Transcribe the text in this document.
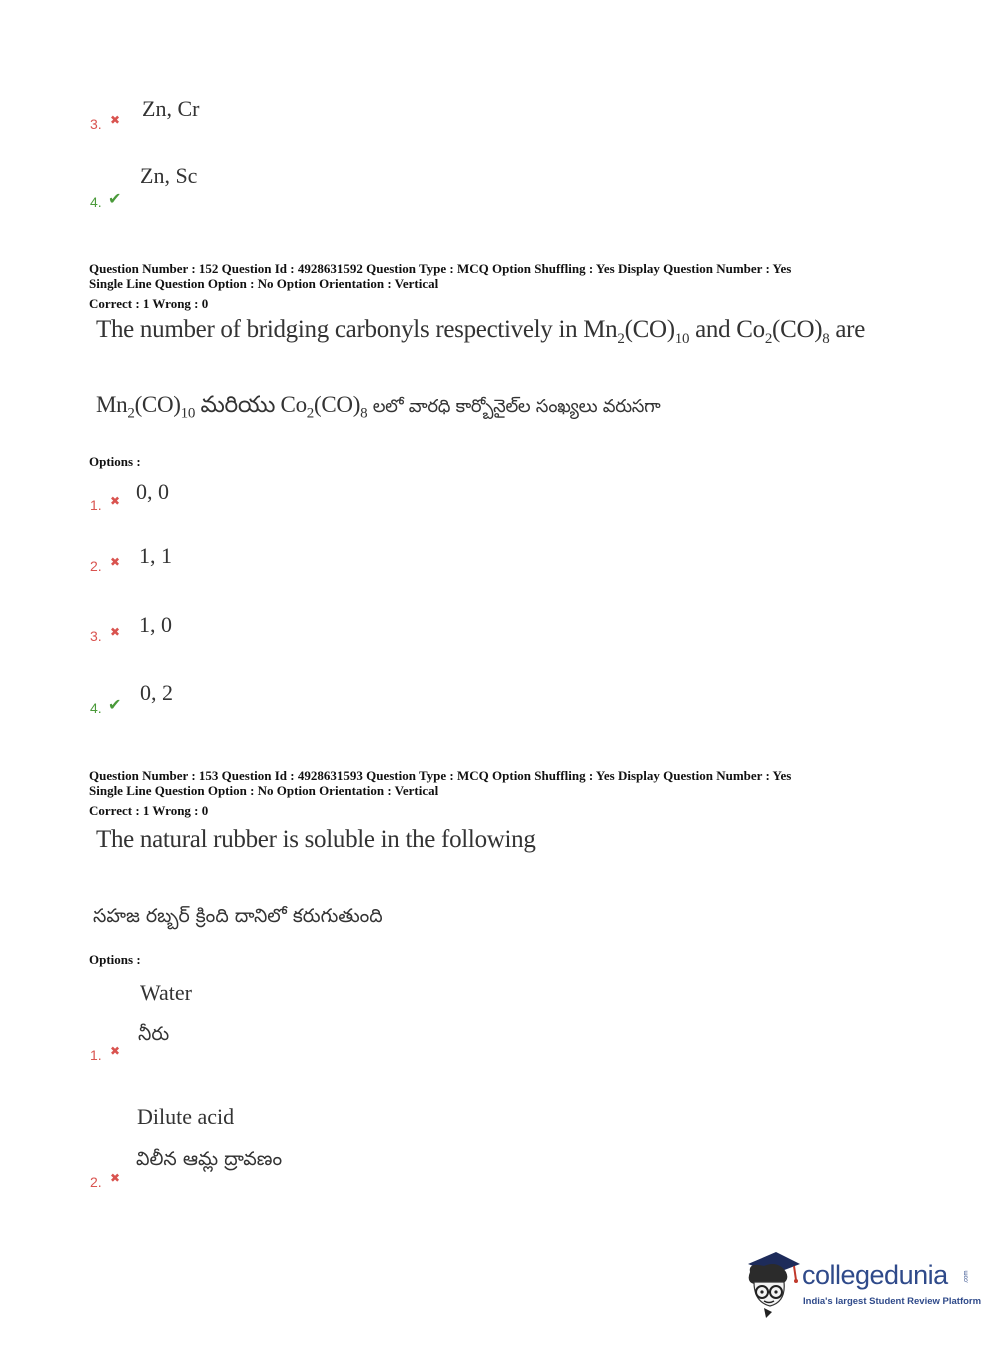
3. ✖ Zn, Cr
4. ✔
Zn, Sc
Question Number : 152 Question Id : 4928631592 Question Type : MCQ Option Shuffling : Yes Display Question Number : Yes
Single Line Question Option : No Option Orientation : Vertical
Correct : 1 Wrong : 0
The number of bridging carbonyls respectively in $Mn_2(CO)_{10}$ and $Co_2(CO)_8$ are
$Mn_2(CO)_{10}$ మరియు $Co_2(CO)_8$ లలో వారధి కార్బోనైల్‌ల సంఖ్యలు వరుసగా
Options :
1. ✖ 0, 0
2. ✖ 1, 1
3. ✖ 1, 0
4. ✔ 0, 2
Question Number : 153 Question Id : 4928631593 Question Type : MCQ Option Shuffling : Yes Display Question Number : Yes
Single Line Question Option : No Option Orientation : Vertical
Correct : 1 Wrong : 0
The natural rubber is soluble in the following
సహజ రబ్బర్ క్రింది దానిలో కరుగుతుంది
Options :
Water
నీరు
1. ✖
Dilute acid
విలీన ఆమ్ల ద్రావణం
2. ✖
collegedunia	.com
India's largest Student Review Platform
